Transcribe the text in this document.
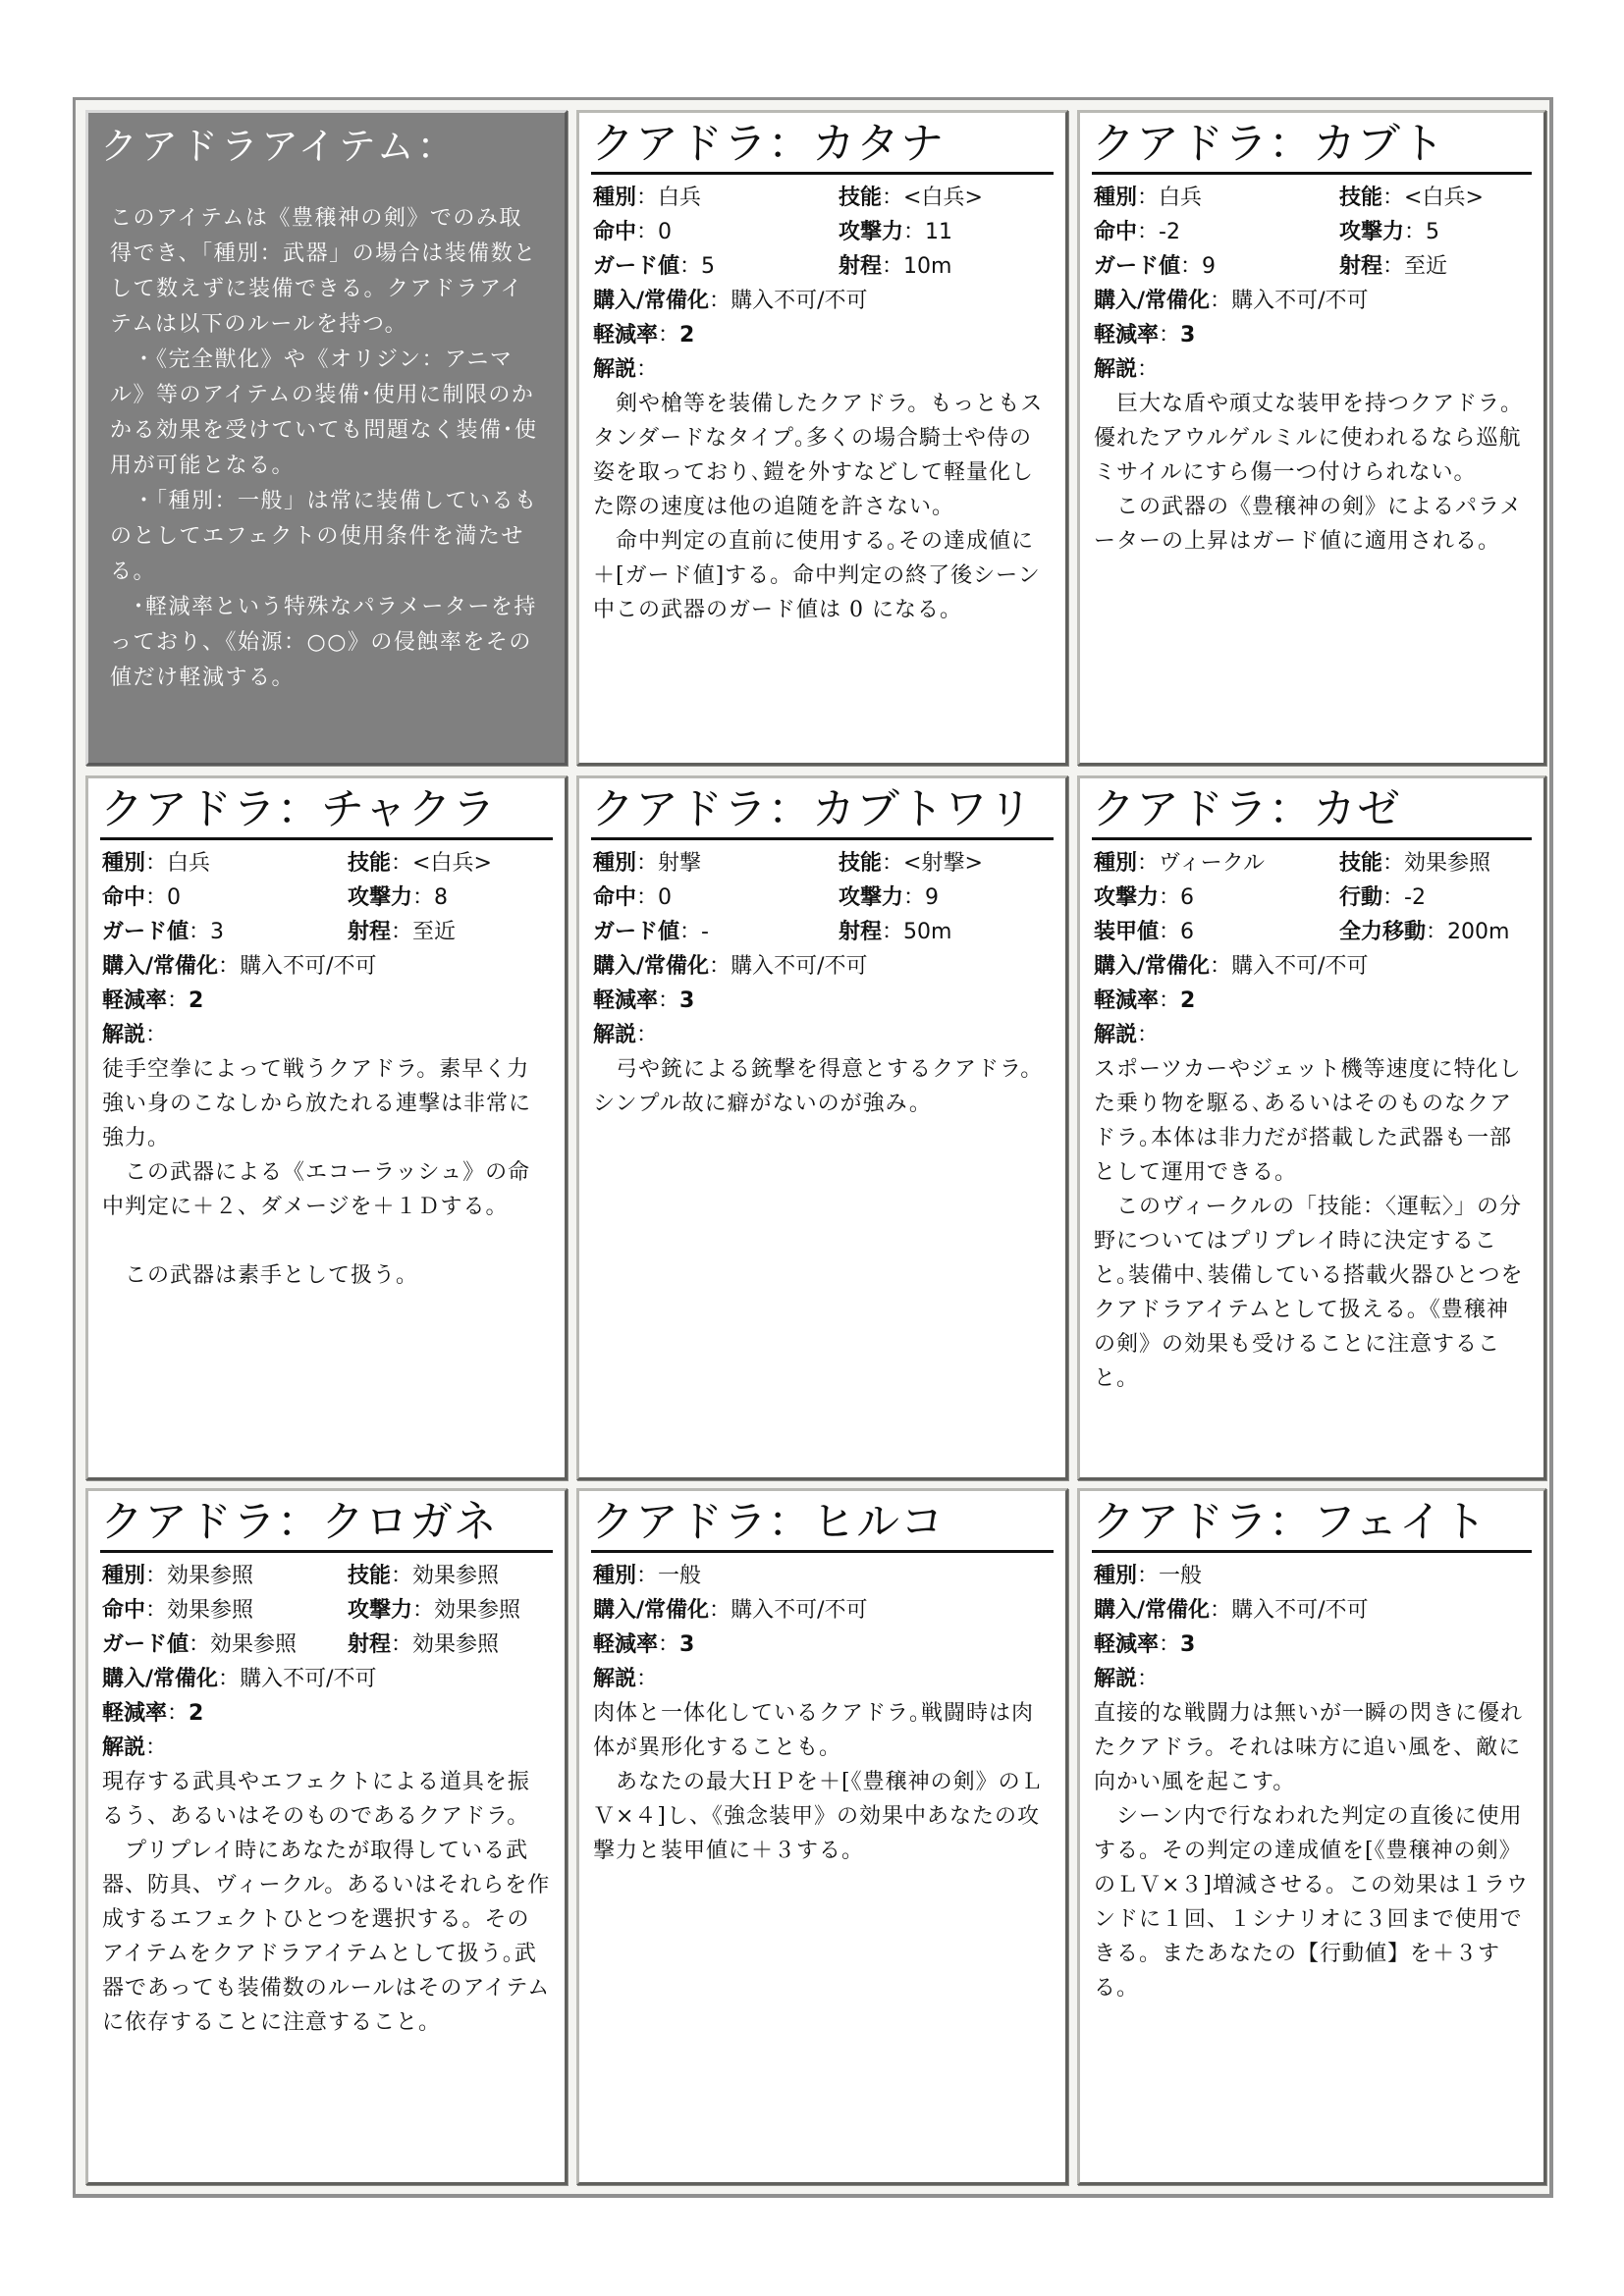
クアドラアイテム：

このアイテムは《豊穣神の剣》でのみ取得でき、「種別：武器」の場合は装備数として数えずに装備できる。クアドラアイテムは以下のルールを持つ。

　・《完全獣化》や《オリジン：アニマル》等のアイテムの装備･使用に制限のかかる効果を受けていても問題なく装備･使用が可能となる。

　・「種別：一般」は常に装備しているものとしてエフェクトの使用条件を満たせる。

　･軽減率という特殊なパラメーターを持っており、《始源：○○》の侵蝕率をその値だけ軽減する。

クアドラ：カタナ
種別：白兵	技能：<白兵>
命中：0	攻撃力：11
ガード値：5	射程：10m
購入/常備化：購入不可/不可
軽減率：2
解説：

　剣や槍等を装備したクアドラ。もっともスタンダードなタイプ｡多くの場合騎士や侍の姿を取っており､鎧を外すなどして軽量化した際の速度は他の追随を許さない。

　命中判定の直前に使用する｡その達成値に＋[ガード値]する。命中判定の終了後シーン中この武器のガード値は 0 になる。

クアドラ：カブト
種別：白兵	技能：<白兵>
命中：-2	攻撃力：5
ガード値：9	射程：至近
購入/常備化：購入不可/不可
軽減率：3
解説：

　巨大な盾や頑丈な装甲を持つクアドラ｡優れたアウルゲルミルに使われるなら巡航ミサイルにすら傷一つ付けられない。

　この武器の《豊穣神の剣》によるパラメーターの上昇はガード値に適用される。

クアドラ：チャクラ
種別：白兵	技能：<白兵>
命中：0	攻撃力：8
ガード値：3	射程：至近
購入/常備化：購入不可/不可
軽減率：2
解説：

徒手空拳によって戦うクアドラ。素早く力強い身のこなしから放たれる連撃は非常に強力。

　この武器による《エコーラッシュ》の命中判定に＋２、ダメージを＋１Ｄする。

　この武器は素手として扱う。

クアドラ：カブトワリ
種別：射撃	技能：<射撃>
命中：0	攻撃力：9
ガード値：-	射程：50m
購入/常備化：購入不可/不可
軽減率：3
解説：

　弓や銃による銃撃を得意とするクアドラ。シンプル故に癖がないのが強み。

クアドラ：カゼ
種別：ヴィークル	技能：効果参照
攻撃力：6	行動：-2
装甲値：6	全力移動：200m
購入/常備化：購入不可/不可
軽減率：2
解説：

スポーツカーやジェット機等速度に特化した乗り物を駆る､あるいはそのものなクアドラ｡本体は非力だが搭載した武器も一部として運用できる。

　このヴィークルの「技能：〈運転〉」の分野についてはプリプレイ時に決定すること｡装備中､装備している搭載火器ひとつをクアドラアイテムとして扱える｡《豊穣神の剣》の効果も受けることに注意すること。

クアドラ：クロガネ
種別：効果参照	技能：効果参照
命中：効果参照	攻撃力：効果参照
ガード値：効果参照	射程：効果参照
購入/常備化：購入不可/不可
軽減率：2
解説：

現存する武具やエフェクトによる道具を振るう、あるいはそのものであるクアドラ。

　プリプレイ時にあなたが取得している武器、防具、ヴィークル。あるいはそれらを作成するエフェクトひとつを選択する。そのアイテムをクアドラアイテムとして扱う｡武器であっても装備数のルールはそのアイテムに依存することに注意すること。

クアドラ：ヒルコ
種別：一般
購入/常備化：購入不可/不可
軽減率：3
解説：

肉体と一体化しているクアドラ｡戦闘時は肉体が異形化することも。

　あなたの最大ＨＰを＋[《豊穣神の剣》のＬＶ×４]し、《強念装甲》の効果中あなたの攻撃力と装甲値に＋３する。

クアドラ：フェイト
種別：一般
購入/常備化：購入不可/不可
軽減率：3
解説：

直接的な戦闘力は無いが一瞬の閃きに優れたクアドラ。それは味方に追い風を、敵に向かい風を起こす。

　シーン内で行なわれた判定の直後に使用する。その判定の達成値を[《豊穣神の剣》のＬＶ×３]増減させる。この効果は１ラウンドに１回、１シナリオに３回まで使用できる。またあなたの【行動値】を＋３する。
